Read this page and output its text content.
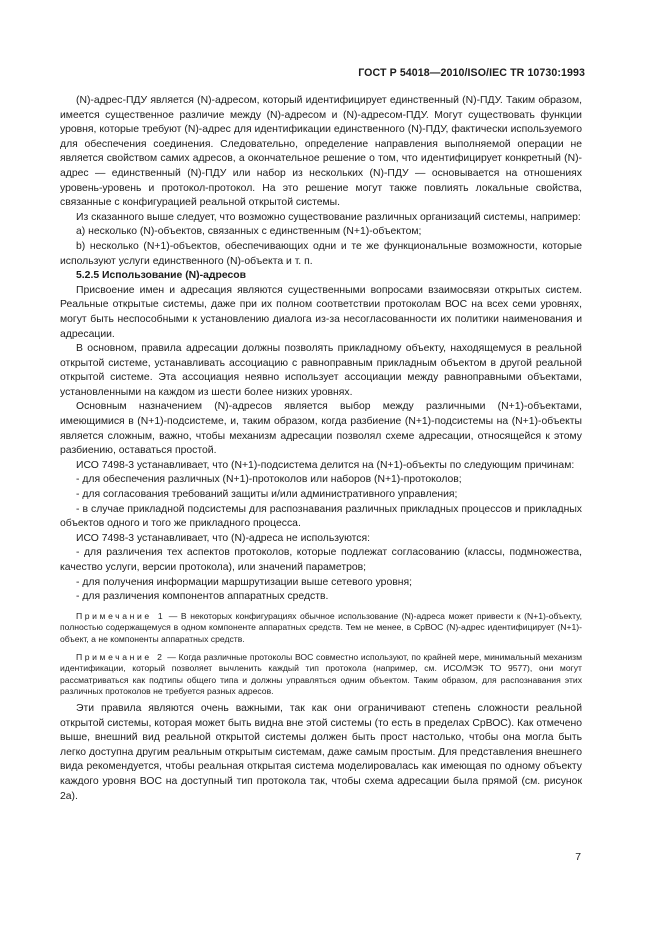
ГОСТ Р 54018—2010/ISO/IEC TR 10730:1993

(N)-адрес-ПДУ является (N)-адресом, который идентифицирует единственный (N)-ПДУ. Таким образом, имеется существенное различие между (N)-адресом и (N)-адресом-ПДУ. Могут существовать функции уровня, которые требуют (N)-адрес для идентификации единственного (N)-ПДУ, фактически используемого для обеспечения соединения. Следовательно, определение направления выполняемой операции не является свойством самих адресов, а окончательное решение о том, что идентифицирует конкретный (N)-адрес — единственный (N)-ПДУ или набор из нескольких (N)-ПДУ — основывается на отношениях уровень-уровень и протокол-протокол. На это решение могут также повлиять локальные свойства, связанные с конфигурацией реальной открытой системы.

Из сказанного выше следует, что возможно существование различных организаций системы, например:

а) несколько (N)-объектов, связанных с единственным (N+1)-объектом;

b) несколько (N+1)-объектов, обеспечивающих одни и те же функциональные возможности, которые используют услуги единственного (N)-объекта и т. п.

5.2.5 Использование (N)-адресов

Присвоение имен и адресация являются существенными вопросами взаимосвязи открытых систем. Реальные открытые системы, даже при их полном соответствии протоколам ВОС на всех семи уровнях, могут быть неспособными к установлению диалога из-за несогласованности их политики наименования и адресации.

В основном, правила адресации должны позволять прикладному объекту, находящемуся в реальной открытой системе, устанавливать ассоциацию с равноправным прикладным объектом в другой реальной открытой системе. Эта ассоциация неявно использует ассоциации между равноправными объектами, установленными на каждом из шести более низких уровнях.

Основным назначением (N)-адресов является выбор между различными (N+1)-объектами, имеющимися в (N+1)-подсистеме, и, таким образом, когда разбиение (N+1)-подсистемы на (N+1)-объекты является сложным, важно, чтобы механизм адресации позволял схеме адресации, относящейся к этому разбиению, оставаться простой.

ИСО 7498-3 устанавливает, что (N+1)-подсистема делится на (N+1)-объекты по следующим причинам:

- для обеспечения различных (N+1)-протоколов или наборов (N+1)-протоколов;

- для согласования требований защиты и/или административного управления;

- в случае прикладной подсистемы для распознавания различных прикладных процессов и прикладных объектов одного и того же прикладного процесса.

ИСО 7498-3 устанавливает, что (N)-адреса не используются:

- для различения тех аспектов протоколов, которые подлежат согласованию (классы, подмножества, качество услуги, версии протокола), или значений параметров;

- для получения информации маршрутизации выше сетевого уровня;

- для различения компонентов аппаратных средств.

Примечание 1 — В некоторых конфигурациях обычное использование (N)-адреса может привести к (N+1)-объекту, полностью содержащемуся в одном компоненте аппаратных средств. Тем не менее, в СрВОС (N)-адрес идентифицирует (N+1)-объект, а не компоненты аппаратных средств.
Примечание 2 — Когда различные протоколы ВОС совместно используют, по крайней мере, минимальный механизм идентификации, который позволяет вычленить каждый тип протокола (например, см. ИСО/МЭК ТО 9577), они могут рассматриваться как подтипы общего типа и должны управляться одним объектом. Таким образом, для распознавания этих различных протоколов не требуется разных адресов.

Эти правила являются очень важными, так как они ограничивают степень сложности реальной открытой системы, которая может быть видна вне этой системы (то есть в пределах СрВОС). Как отмечено выше, внешний вид реальной открытой системы должен быть прост настолько, чтобы она могла быть легко доступна другим реальным открытым системам, даже самым простым. Для представления внешнего вида рекомендуется, чтобы реальная открытая система моделировалась как имеющая по одному объекту каждого уровня ВОС на доступный тип протокола так, чтобы схема адресации была прямой (см. рисунок 2а).

7
